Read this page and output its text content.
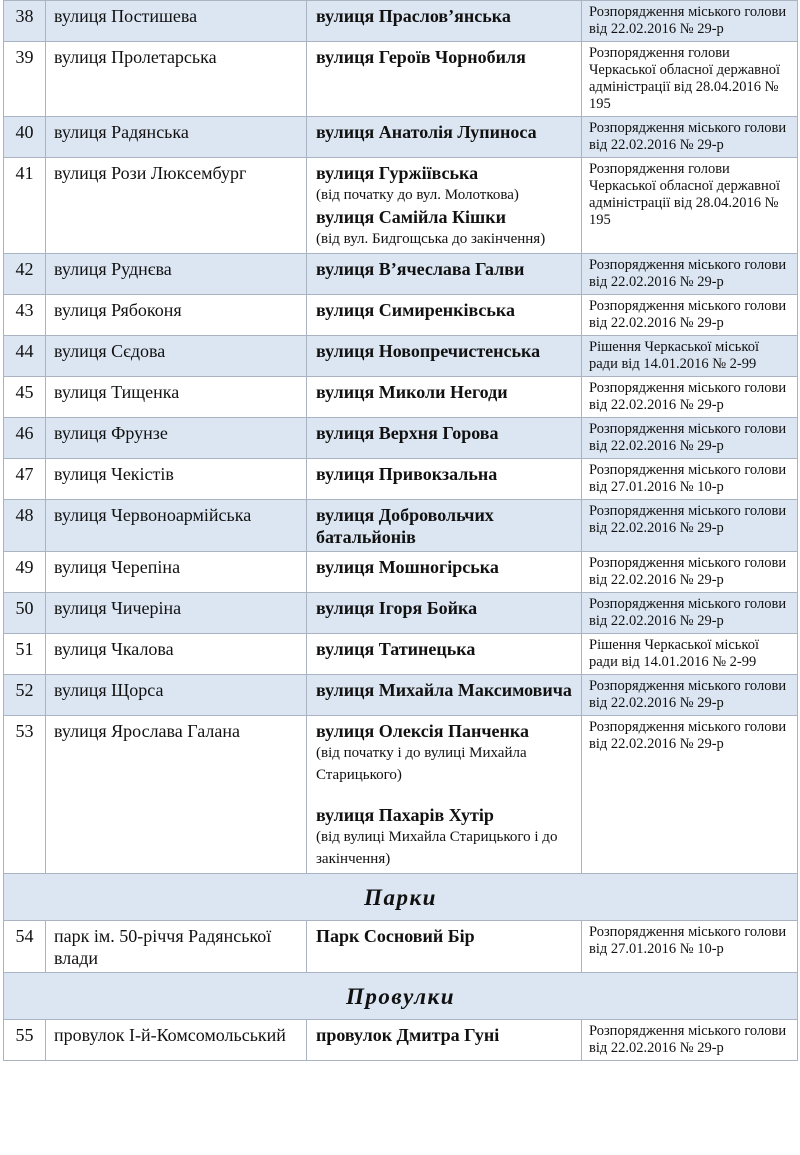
38	вулиця Постишева	вулиця Праслов’янська	Розпорядження міського голови від 22.02.2016 № 29-р
39	вулиця Пролетарська	вулиця Героїв Чорнобиля	Розпорядження голови Черкаської обласної державної адміністрації від 28.04.2016 № 195
40	вулиця Радянська	вулиця Анатолія Лупиноса	Розпорядження міського голови від 22.02.2016 № 29-р
41	вулиця Рози Люксембург	вулиця Гуржіївська
(від початку до вул. Молоткова)
вулиця Самійла Кішки
(від вул. Бидгощська до закінчення)	Розпорядження голови Черкаської обласної державної адміністрації від 28.04.2016 № 195
42	вулиця Руднєва	вулиця В’ячеслава Галви	Розпорядження міського голови від 22.02.2016 № 29-р
43	вулиця Рябоконя	вулиця Симиренківська	Розпорядження міського голови від 22.02.2016 № 29-р
44	вулиця Сєдова	вулиця Новопречистенська	Рішення Черкаської міської ради від 14.01.2016 № 2-99
45	вулиця Тищенка	вулиця Миколи Негоди	Розпорядження міського голови від 22.02.2016 № 29-р
46	вулиця Фрунзе	вулиця Верхня Горова	Розпорядження міського голови від 22.02.2016 № 29-р
47	вулиця Чекістів	вулиця Привокзальна	Розпорядження міського голови від 27.01.2016 № 10-р
48	вулиця Червоноармійська	вулиця Добровольчих батальйонів	Розпорядження міського голови від 22.02.2016 № 29-р
49	вулиця Черепіна	вулиця Мошногірська	Розпорядження міського голови від 22.02.2016 № 29-р
50	вулиця Чичеріна	вулиця Ігоря Бойка	Розпорядження міського голови від 22.02.2016 № 29-р
51	вулиця Чкалова	вулиця Татинецька	Рішення Черкаської міської ради від 14.01.2016 № 2-99
52	вулиця Щорса	вулиця Михайла Максимовича	Розпорядження міського голови від 22.02.2016 № 29-р
53	вулиця Ярослава Галана	вулиця Олексія Панченка
(від початку і до вулиці Михайла Старицького)
вулиця Пахарів Хутір
(від вулиці Михайла Старицького і до закінчення)	Розпорядження міського голови від 22.02.2016 № 29-р
Парки			
54	парк ім. 50-річчя Радянської влади	Парк Сосновий Бір	Розпорядження міського голови від 27.01.2016 № 10-р
Провулки			
55	провулок І-й-Комсомольський	провулок Дмитра Гуні	Розпорядження міського голови від 22.02.2016 № 29-р
